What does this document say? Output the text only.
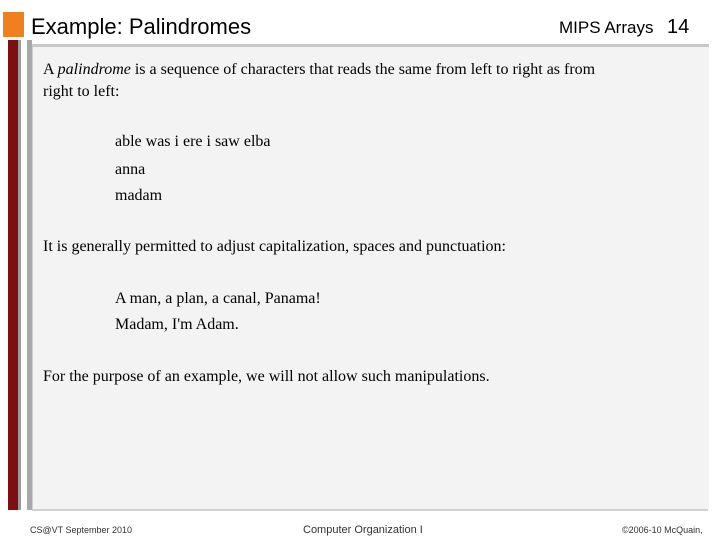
Example: Palindromes	MIPS Arrays 14
A palindrome is a sequence of characters that reads the same from left to right as from
right to left:
able was i ere i saw elba
anna
madam
It is generally permitted to adjust capitalization, spaces and punctuation:
A man, a plan, a canal, Panama!
Madam, I'm Adam.
For the purpose of an example, we will not allow such manipulations.
CS@VT September 2010	Computer Organization I	©2006-10 McQuain,
